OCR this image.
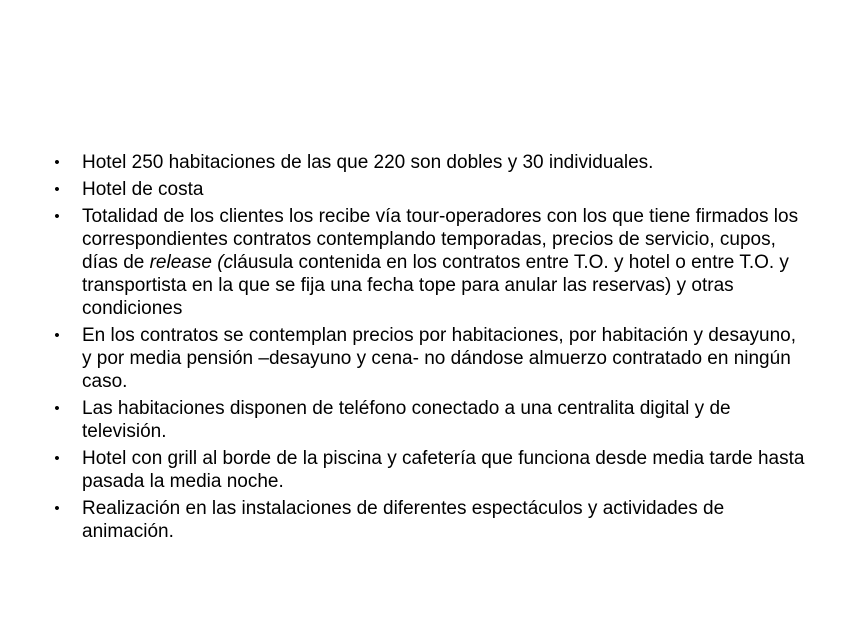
• Hotel 250 habitaciones de las que 220 son dobles y 30 individuales.
• Hotel de costa
• Totalidad de los clientes los recibe vía tour-operadores con los que tiene firmados los correspondientes contratos contemplando temporadas, precios de servicio, cupos, días de release (cláusula contenida en los contratos entre T.O. y hotel o entre T.O. y transportista en la que se fija una fecha tope para anular las reservas) y otras condiciones
• En los contratos se contemplan precios por habitaciones, por habitación y desayuno, y por media pensión –desayuno y cena- no dándose almuerzo contratado en ningún caso.
• Las habitaciones disponen de teléfono conectado a una centralita digital y de televisión.
• Hotel con grill al borde de la piscina y cafetería que funciona desde media tarde hasta pasada la media noche.
• Realización en las instalaciones de diferentes espectáculos y actividades de animación.
